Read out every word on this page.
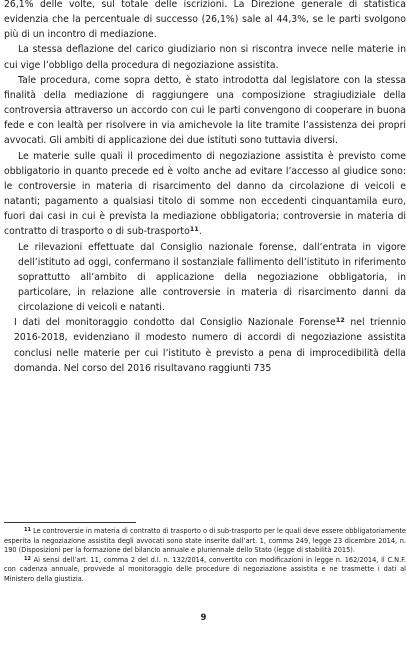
26,1% delle volte, sul totale delle iscrizioni. La Direzione generale di statistica evidenzia che la percentuale di successo (26,1%) sale al 44,3%, se le parti svolgono più di un incontro di mediazione.

La stessa deflazione del carico giudiziario non si riscontra invece nelle materie in cui vige l’obbligo della procedura di negoziazione assistita.

Tale procedura, come sopra detto, è stato introdotta dal legislatore con la stessa finalità della mediazione di raggiungere una composizione stragiudiziale della controversia attraverso un accordo con cui le parti convengono di cooperare in buona fede e con lealtà per risolvere in via amichevole la lite tramite l’assistenza dei propri avvocati. Gli ambiti di applicazione dei due istituti sono tuttavia diversi.

Le materie sulle quali il procedimento di negoziazione assistita è previsto come obbligatorio in quanto precede ed è volto anche ad evitare l’accesso al giudice sono: le controversie in materia di risarcimento del danno da circolazione di veicoli e natanti; pagamento a qualsiasi titolo di somme non eccedenti cinquantamila euro, fuori dai casi in cui è prevista la mediazione obbligatoria; controversie in materia di contratto di trasporto o di sub-trasporto$^{11}$.

Le rilevazioni effettuate dal Consiglio nazionale forense, dall’entrata in vigore dell’istituto ad oggi, confermano il sostanziale fallimento dell’istituto in riferimento soprattutto all’ambito di applicazione della negoziazione obbligatoria, in particolare, in relazione alle controversie in materia di risarcimento danni da circolazione di veicoli e natanti.

I dati del monitoraggio condotto dal Consiglio Nazionale Forense$^{12}$ nel triennio 2016-2018, evidenziano il modesto numero di accordi di negoziazione assistita conclusi nelle materie per cui l’istituto è previsto a pena di improcedibilità della domanda. Nel corso del 2016 risultavano raggiunti 735

$^{11}$ Le controversie in materia di contratto di trasporto o di sub-trasporto per le quali deve essere obbligatoriamente esperita la negoziazione assistita degli avvocati sono state inserite dall’art. 1, comma 249, legge 23 dicembre 2014, n. 190 (Disposizioni per la formazione del bilancio annuale e pluriennale dello Stato (legge di stabilità 2015).

$^{12}$ Ai sensi dell’art. 11, comma 2 del d.l. n. 132/2014, convertito con modificazioni in legge n. 162/2014, il C.N.F. con cadenza annuale, provvede al monitoraggio delle procedure di negoziazione assistita e ne trasmette i dati al Ministero della giustizia.

9
